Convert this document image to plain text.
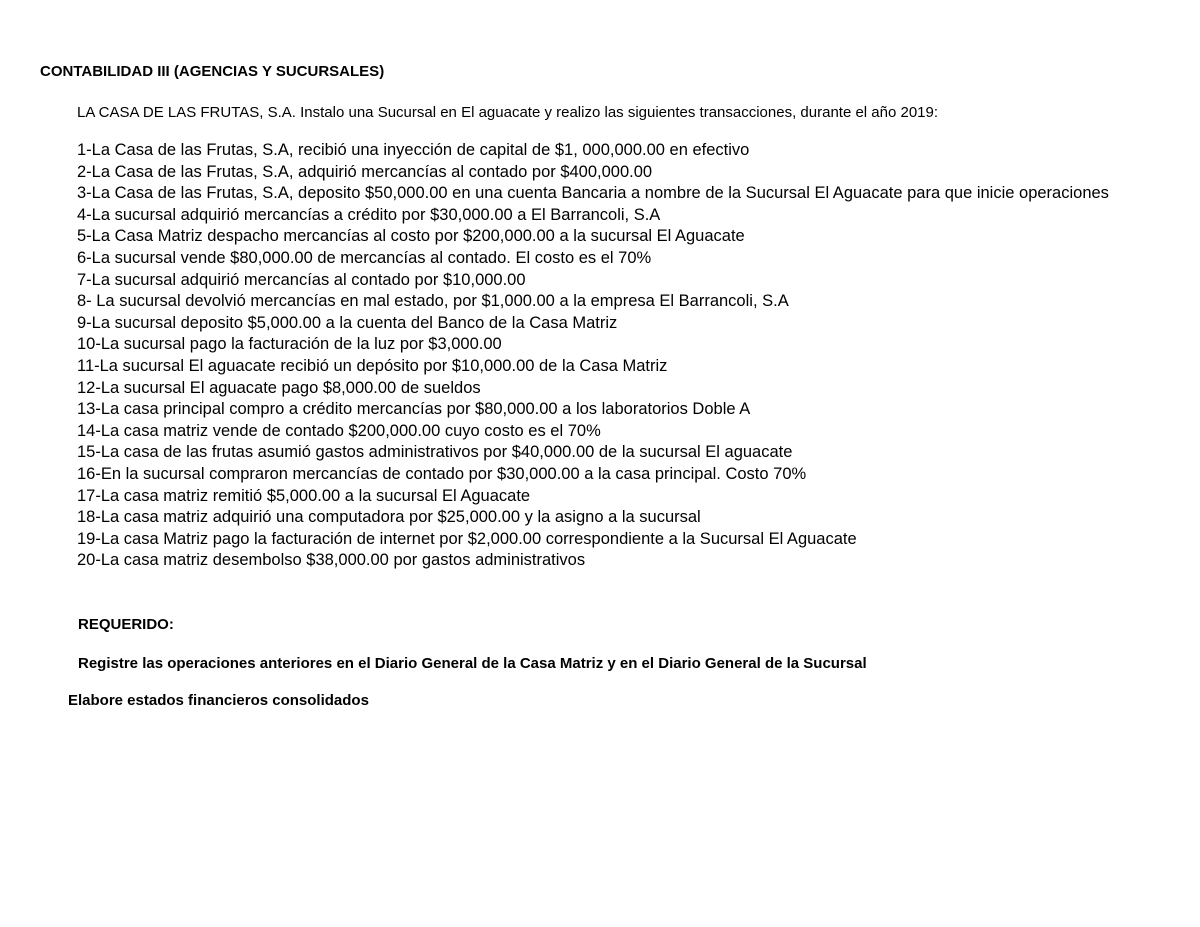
CONTABILIDAD III (AGENCIAS Y SUCURSALES)
LA CASA DE LAS FRUTAS, S.A. Instalo una Sucursal en El aguacate y realizo las siguientes transacciones, durante el año 2019:
1-La Casa de las Frutas, S.A, recibió una inyección de capital de $1, 000,000.00 en efectivo
2-La Casa de las Frutas, S.A, adquirió mercancías al contado por $400,000.00
3-La Casa de las Frutas, S.A, deposito $50,000.00 en una cuenta Bancaria a nombre de la Sucursal El Aguacate para que inicie operaciones
4-La sucursal adquirió mercancías a crédito por $30,000.00 a El Barrancoli, S.A
5-La Casa Matriz despacho mercancías al costo por $200,000.00 a la sucursal El Aguacate
6-La sucursal vende $80,000.00 de mercancías al contado. El costo es el 70%
7-La sucursal adquirió mercancías al contado por $10,000.00
8- La sucursal devolvió mercancías en mal estado, por $1,000.00 a la empresa El Barrancoli, S.A
9-La sucursal deposito $5,000.00 a la cuenta del Banco de la Casa Matriz
10-La sucursal pago la facturación de la luz por $3,000.00
11-La sucursal El aguacate recibió un depósito por $10,000.00 de la Casa Matriz
12-La sucursal El aguacate pago $8,000.00 de sueldos
13-La casa principal compro a crédito mercancías por $80,000.00 a los laboratorios Doble A
14-La casa matriz vende de contado $200,000.00 cuyo costo es el 70%
15-La casa de las frutas asumió gastos administrativos por $40,000.00 de la sucursal El aguacate
16-En la sucursal compraron mercancías de contado por $30,000.00 a la casa principal. Costo 70%
17-La casa matriz remitió $5,000.00 a la sucursal El Aguacate
18-La casa matriz adquirió una computadora por $25,000.00 y la asigno a la sucursal
19-La casa Matriz pago la facturación de internet por $2,000.00 correspondiente a la Sucursal El Aguacate
20-La casa matriz desembolso $38,000.00 por gastos administrativos
REQUERIDO:
Registre las operaciones anteriores en el Diario General de la Casa Matriz y en el Diario General de la Sucursal
Elabore estados financieros consolidados
